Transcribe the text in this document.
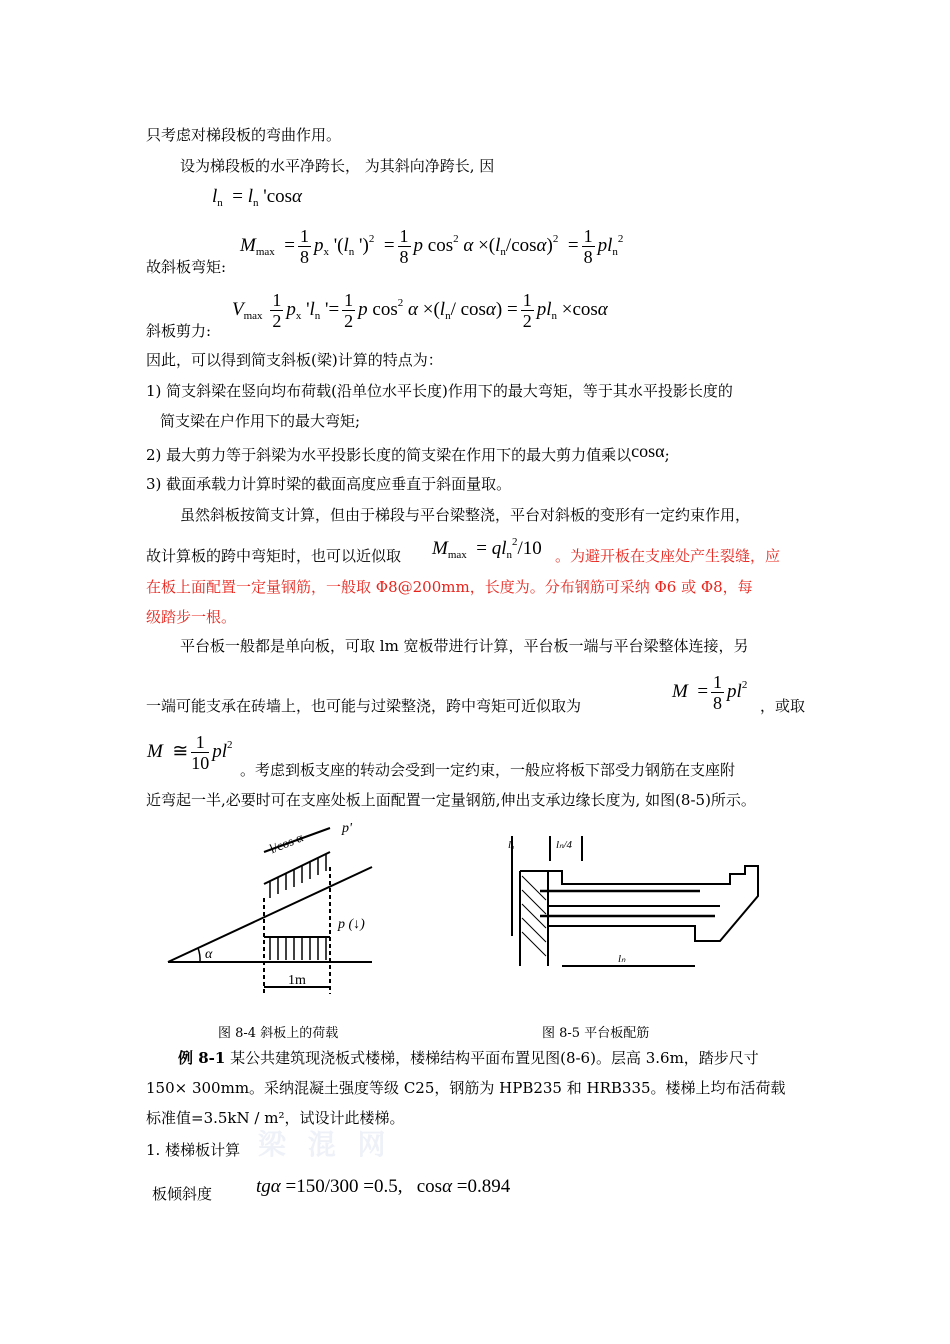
只考虑对梯段板的弯曲作用。
设为梯段板的水平净跨长， 为其斜向净跨长, 因
$l_n = l_n$ 'cosα
$M_{max} = \frac{1}{8} p_x$ '($l_n$ ')$^2 = \frac{1}{8}$ p $\cos^2 \alpha \times(l_n/\cos\alpha)^2 = \frac{1}{8} pl_n^2$
故斜板弯矩:
$V_{max} \frac{1}{2} p_x$ '$l_n$ '= $\frac{1}{2}$ p $\cos^2 \alpha \times(l_n/$ $\cos\alpha) = \frac{1}{2} pl_n \times\cos\alpha$
斜板剪力:
因此，可以得到简支斜板(梁)计算的特点为：
1) 简支斜梁在竖向均布荷载(沿单位水平长度)作用下的最大弯矩，等于其水平投影长度的
简支梁在户作用下的最大弯矩;
2) 最大剪力等于斜梁为水平投影长度的简支梁在作用下的最大剪力值乘以cosα;
3) 截面承载力计算时梁的截面高度应垂直于斜面量取。
虽然斜板按简支计算，但由于梯段与平台梁整浇，平台对斜板的变形有一定约束作用，
故计算板的跨中弯矩时，也可以近似取 $M_{max} = ql_n^2/10$ 。为避开板在支座处产生裂缝，应
在板上面配置一定量钢筋，一般取 Φ8@200mm，长度为。分布钢筋可采纳 Φ6 或 Φ8，每
级踏步一根。
平台板一般都是单向板，可取 lm 宽板带进行计算，平台板一端与平台梁整体连接，另
一端可能支承在砖墙上，也可能与过梁整浇，跨中弯矩可近似取为
$M = \frac{1}{8} pl^2$
，或取
M  ≅ $\frac{1}{10} pl^2$
。考虑到板支座的转动会受到一定约束，一般应将板下部受力钢筋在支座附
近弯起一半,必要时可在支座处板上面配置一定量钢筋,伸出支承边缘长度为, 如图(8-5)所示。
α
l/cos α
p'
p (↓)
1m
lₐ	lₙ/4
lₙ
图 8-4 斜板上的荷载	图 8-5 平台板配筋
例 8-1 某公共建筑现浇板式楼梯，楼梯结构平面布置见图(8-6)。层高 3.6m，踏步尺寸
150× 300mm。采纳混凝土强度等级 C25，钢筋为 HPB235 和 HRB335。楼梯上均布活荷载
标准值=3.5kN / m²，试设计此楼梯。
梁 混 网
1. 楼梯板计算
板倾斜度 tgα =150/300 =0.5,   cosα =0.894
